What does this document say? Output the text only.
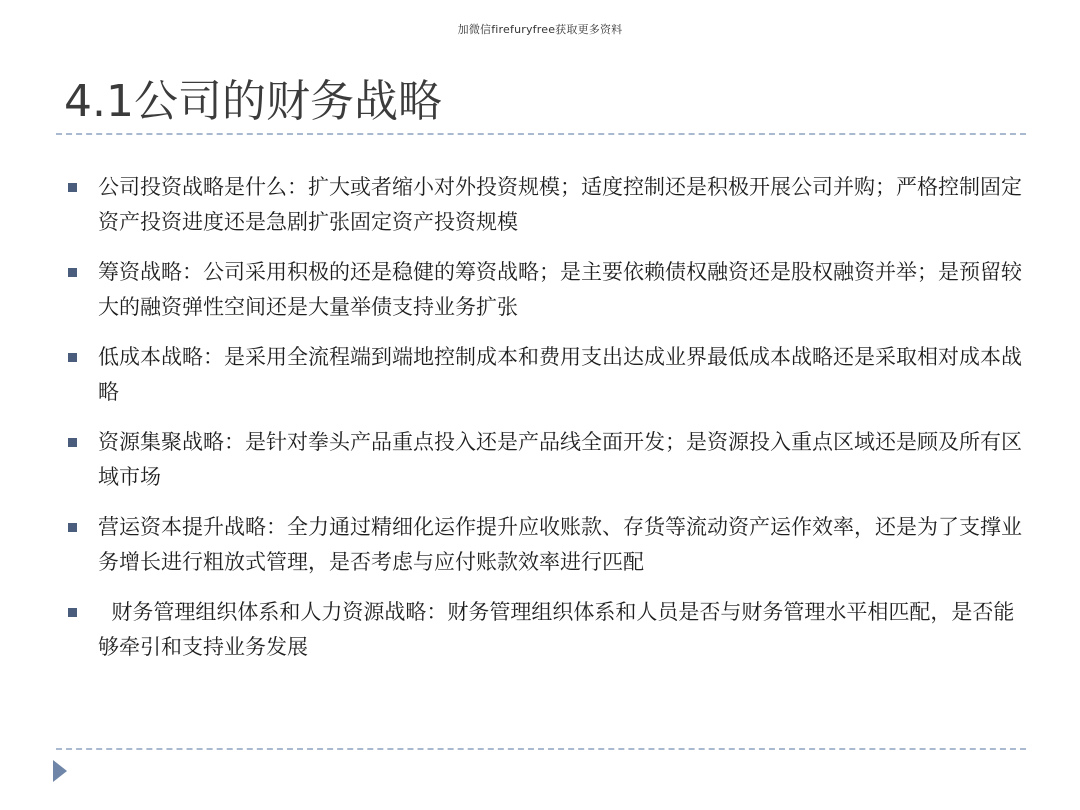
加微信firefuryfree获取更多资料
4.1公司的财务战略
公司投资战略是什么：扩大或者缩小对外投资规模；适度控制还是积极开展公司并购；严格控制固定资产投资进度还是急剧扩张固定资产投资规模
筹资战略：公司采用积极的还是稳健的筹资战略；是主要依赖债权融资还是股权融资并举；是预留较大的融资弹性空间还是大量举债支持业务扩张
低成本战略：是采用全流程端到端地控制成本和费用支出达成业界最低成本战略还是采取相对成本战略
资源集聚战略：是针对拳头产品重点投入还是产品线全面开发；是资源投入重点区域还是顾及所有区域市场
营运资本提升战略：全力通过精细化运作提升应收账款、存货等流动资产运作效率，还是为了支撑业务增长进行粗放式管理，是否考虑与应付账款效率进行匹配
财务管理组织体系和人力资源战略：财务管理组织体系和人员是否与财务管理水平相匹配，是否能够牵引和支持业务发展
